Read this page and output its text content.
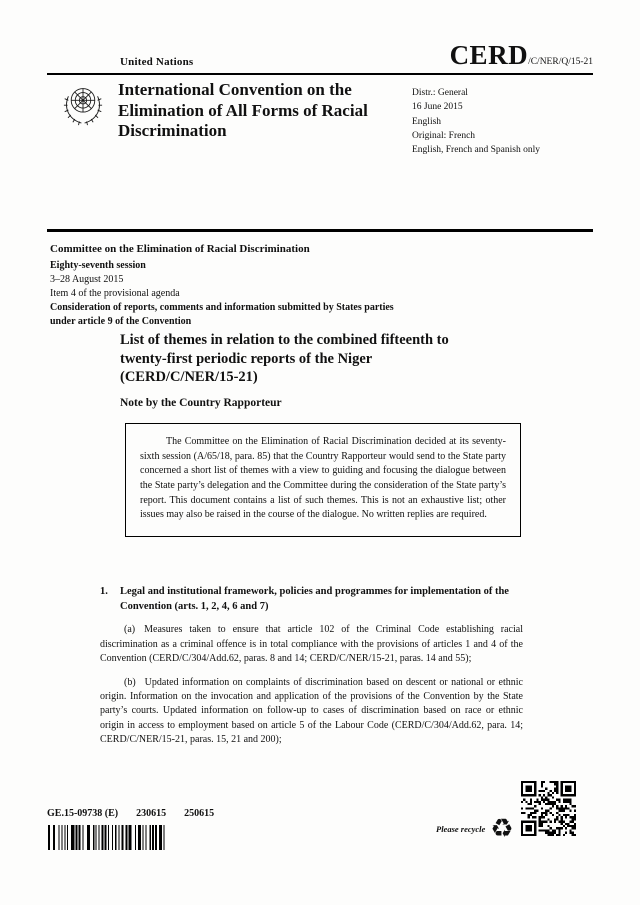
United Nations	CERD/C/NER/Q/15-21
International Convention on the Elimination of All Forms of Racial Discrimination
Distr.: General
16 June 2015
English
Original: French
English, French and Spanish only
Committee on the Elimination of Racial Discrimination
Eighty-seventh session
3–28 August 2015
Item 4 of the provisional agenda
Consideration of reports, comments and information submitted by States parties under article 9 of the Convention
List of themes in relation to the combined fifteenth to twenty-first periodic reports of the Niger (CERD/C/NER/15-21)
Note by the Country Rapporteur

The Committee on the Elimination of Racial Discrimination decided at its seventy-sixth session (A/65/18, para. 85) that the Country Rapporteur would send to the State party concerned a short list of themes with a view to guiding and focusing the dialogue between the State party’s delegation and the Committee during the consideration of the State party’s report. This document contains a list of such themes. This is not an exhaustive list; other issues may also be raised in the course of the dialogue. No written replies are required.

1.	Legal and institutional framework, policies and programmes for implementation of the Convention (arts. 1, 2, 4, 6 and 7)

(a) Measures taken to ensure that article 102 of the Criminal Code establishing racial discrimination as a criminal offence is in total compliance with the provisions of articles 1 and 4 of the Convention (CERD/C/304/Add.62, paras. 8 and 14; CERD/C/NER/15-21, paras. 14 and 55);

(b) Updated information on complaints of discrimination based on descent or national or ethnic origin. Information on the invocation and application of the provisions of the Convention by the State party’s courts. Updated information on follow-up to cases of discrimination based on race or ethnic origin in access to employment based on article 5 of the Labour Code (CERD/C/304/Add.62, para. 14; CERD/C/NER/15-21, paras. 15, 21 and 200);

GE.15-09738 (E) 230615 250615
Please recycle ♻
